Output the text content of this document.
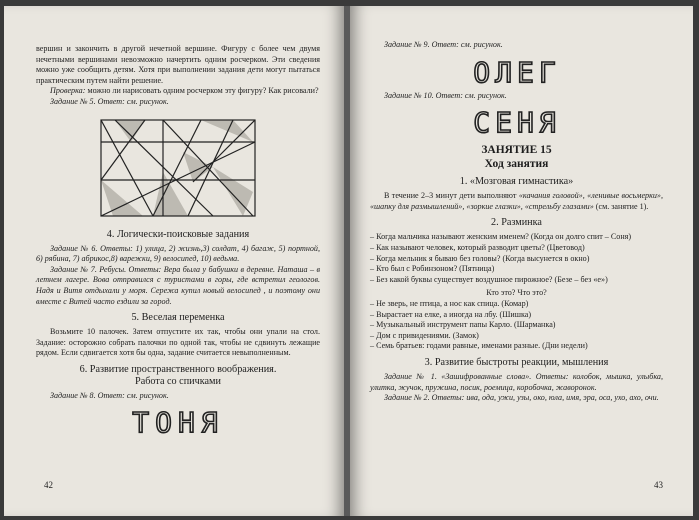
вершин и закончить в другой нечетной вершине. Фигуру с более чем двумя нечетными вершинами невозможно начертить одним росчерком. Эти сведения можно уже сообщить детям. Хотя при выполнении задания дети могут пытаться практическим путем найти решение.

Проверка: можно ли нарисовать одним росчерком эту фигуру? Как рисовали?

Задание № 5. Ответ: см. рисунок.

4. Логически-поисковые задания

Задание № 6. Ответы: 1) улица, 2) жизнь,3) солдат, 4) багаж, 5) портной, 6) рябина, 7) абрикос,8) варежки, 9) велосипед, 10) ведьма.

Задание № 7. Ребусы. Ответы: Вера была у бабушки в деревне. Наташа – в летнем лагере. Вова отправился с туристами в горы, где встретил геологов. Надя и Витя отдыхали у моря. Сережа купил новый велосипед , и поэтому они вместе с Витей часто ездили за город.

5. Веселая переменка

Возьмите 10 палочек. Затем отпустите их так, чтобы они упали на стол. Задание: осторожно собрать палочки по одной так, чтобы не сдвинуть лежащие рядом. Если сдвигается хотя бы одна, задание считается невыполненным.

6. Развитие пространственного воображения.
Работа со спичками

Задание № 8. Ответ: см. рисунок.

ТОНЯ
42

Задание № 9. Ответ: см. рисунок.

ОЛЕГ

Задание № 10. Ответ: см. рисунок.

СЕНЯ
ЗАНЯТИЕ 15
Ход занятия
1. «Мозговая гимнастика»

В течение 2–3 минут дети выполняют «качания головой», «ленивые восьмерки», «шапку для размышлений», «зоркие глазки», «стрельбу глазами» (см. занятие 1).

2. Разминка
– Когда мальчика называют женским именем? (Когда он долго спит – Соня)
– Как называют человек, который разводит цветы? (Цветовод)
– Когда мельник я бываю без головы? (Когда высунется в окно)
– Кто был с Робинзоном? (Пятница)
– Без какой буквы существует воздушное пирожное? (Безе – без «е»)

Кто это? Что это?

– Не зверь, не птица, а нос как спица. (Комар)
– Вырастает на елке, а иногда на лбу. (Шишка)
– Музыкальный инструмент папы Карло. (Шарманка)
– Дом с привидениями. (Замок)
– Семь братьев: годами равные, именами разные. (Дни недели)
3. Развитие быстроты реакции, мышления

Задание № 1. «Зашифрованные слова». Ответы: колобок, мышка, улыбка, улитка, жучок, пружина, посик, роемица, коробочка, жаворонок.

Задание № 2. Ответы: ива, ода, ужи, узы, око, юла, имя, эра, оса, ухо, ахо, очи.

43
